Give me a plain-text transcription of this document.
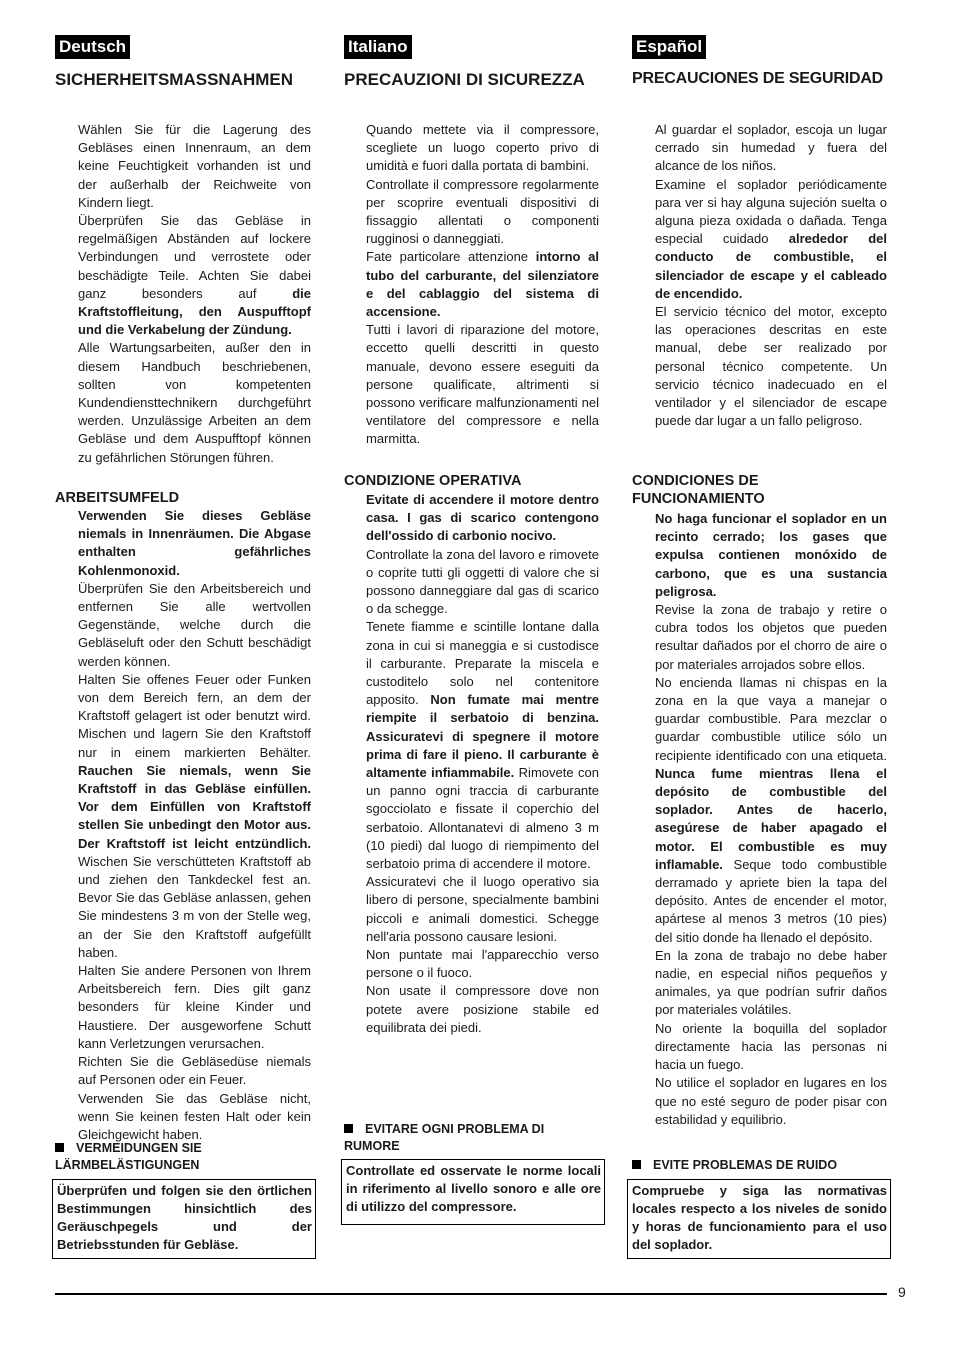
Deutsch
SICHERHEITSMASSNAHMEN

Wählen Sie für die Lagerung des Gebläses einen Innenraum, an dem keine Feuchtigkeit vorhanden ist und der außerhalb der Reichweite von Kindern liegt.

Überprüfen Sie das Gebläse in regelmäßigen Abständen auf lockere Verbindungen und verrostete oder beschädigte Teile. Achten Sie dabei ganz besonders auf	die Kraftstoffleitung, den Auspufftopf und die Verkabelung der Zündung.

Alle Wartungsarbeiten, außer den in diesem Handbuch beschriebenen, sollten von kompetenten Kundendiensttechnikern durchgeführt werden. Unzulässige Arbeiten an dem Gebläse und dem Auspufftopf können zu gefährlichen Störungen führen.

ARBEITSUMFELD

Verwenden Sie dieses Gebläse niemals in Innenräumen. Die Abgase enthalten gefährliches Kohlenmonoxid.

Überprüfen Sie den Arbeitsbereich und entfernen Sie alle wertvollen Gegenstände, welche durch die Gebläseluft oder den Schutt beschädigt werden können.

Halten Sie offenes Feuer oder Funken von dem Bereich fern, an dem der Kraftstoff gelagert ist oder benutzt wird. Mischen und lagern Sie den Kraftstoff nur in einem markierten Behälter. Rauchen Sie niemals, wenn Sie Kraftstoff in das Gebläse einfüllen. Vor dem Einfüllen von Kraftstoff stellen Sie unbedingt den Motor aus. Der Kraftstoff ist leicht entzündlich. Wischen Sie verschütteten Kraftstoff ab und ziehen den Tankdeckel fest an. Bevor Sie das Gebläse anlassen, gehen Sie mindestens 3 m von der Stelle weg, an der Sie den Kraftstoff aufgefüllt haben.

Halten Sie andere Personen von Ihrem Arbeitsbereich fern. Dies gilt ganz besonders für kleine Kinder und Haustiere. Der ausgeworfene Schutt kann Verletzungen verursachen.

Richten Sie die Gebläsedüse niemals auf Personen oder ein Feuer.

Verwenden Sie das Gebläse nicht, wenn Sie keinen festen Halt oder kein Gleichgewicht haben.

VERMEIDUNGEN SIE LÄRMBELÄSTIGUNGEN
Überprüfen und folgen sie den örtlichen Bestimmungen hinsichtlich des Geräuschpegels und der Betriebsstunden für Gebläse.
Italiano
PRECAUZIONI DI SICUREZZA

Quando mettete via il compressore, scegliete un luogo coperto privo di umidità e fuori dalla portata di bambini.

Controllate il compressore regolarmente per scoprire eventuali dispositivi di fissaggio allentati o componenti rugginosi o danneggiati.

Fate particolare attenzione intorno al tubo del carburante, del silenziatore e del cablaggio del sistema di accensione.

Tutti i lavori di riparazione del motore, eccetto quelli descritti in questo manuale, devono essere eseguiti da persone qualificate, altrimenti si possono verificare malfunzionamenti nel ventilatore del compressore e nella marmitta.

CONDIZIONE OPERATIVA

Evitate di accendere il motore dentro casa. I gas di scarico contengono dell'ossido di carbonio nocivo.

Controllate la zona del lavoro e rimovete o coprite tutti gli oggetti di valore che si possono danneggiare dal gas di scarico o da schegge.

Tenete fiamme e scintille lontane dalla zona in cui si maneggia e si custodisce il carburante. Preparate la miscela e custoditelo solo nel contenitore apposito. Non fumate mai mentre riempite il serbatoio di benzina. Assicuratevi di spegnere il motore prima di fare il pieno. Il carburante è altamente infiammabile. Rimovete con un panno ogni traccia di carburante sgocciolato e fissate il coperchio del serbatoio. Allontanatevi di almeno 3 m (10 piedi) dal luogo di riempimento del serbatoio prima di accendere il motore.

Assicuratevi che il luogo operativo sia libero di persone, specialmente bambini piccoli e animali domestici. Schegge nell'aria possono causare lesioni.

Non puntate mai l'apparecchio verso persone o il fuoco.

Non usate il compressore dove non potete avere posizione stabile ed equilibrata dei piedi.

EVITARE OGNI PROBLEMA DI RUMORE
Controllate ed osservate le norme locali in riferimento al livello sonoro e alle ore di utilizzo del compressore.
Español
PRECAUCIONES DE SEGURIDAD

Al guardar el soplador, escoja un lugar cerrado sin humedad y fuera del alcance de los niños.

Examine el soplador periódicamente para ver si hay alguna sujeción suelta o alguna pieza oxidada o dañada. Tenga especial cuidado alrededor del conducto de combustible, el silenciador de escape y el cableado de encendido.

El servicio técnico del motor, excepto las operaciones descritas en este manual, debe ser realizado por personal técnico competente. Un servicio técnico inadecuado en el ventilador y el silenciador de escape puede dar lugar a un fallo peligroso.

CONDICIONES DE FUNCIONAMIENTO

No haga funcionar el soplador en un recinto cerrado; los gases que expulsa contienen monóxido de carbono, que es una sustancia peligrosa.

Revise la zona de trabajo y retire o cubra todos los objetos que pueden resultar dañados por el chorro de aire o por materiales arrojados sobre ellos.

No encienda llamas ni chispas en la zona en la que vaya a manejar o guardar combustible. Para mezclar o guardar combustible utilice sólo un recipiente identificado con una etiqueta. Nunca fume mientras llena el depósito de combustible del soplador. Antes de hacerlo, asegúrese de haber apagado el motor. El combustible es muy inflamable. Seque todo combustible derramado y apriete bien la tapa del depósito. Antes de encender el motor, apártese al menos 3 metros (10 pies) del sitio donde ha llenado el depósito.

En la zona de trabajo no debe haber nadie, en especial niños pequeños y animales, ya que podrían sufrir daños por materiales volátiles.

No oriente la boquilla del soplador directamente hacia las personas ni hacia un fuego.

No utilice el soplador en lugares en los que no esté seguro de poder pisar con estabilidad y equilibrio.

EVITE PROBLEMAS DE RUIDO
Compruebe y siga las normativas locales respecto a los niveles de sonido y horas de funcionamiento para el uso del soplador.
9
